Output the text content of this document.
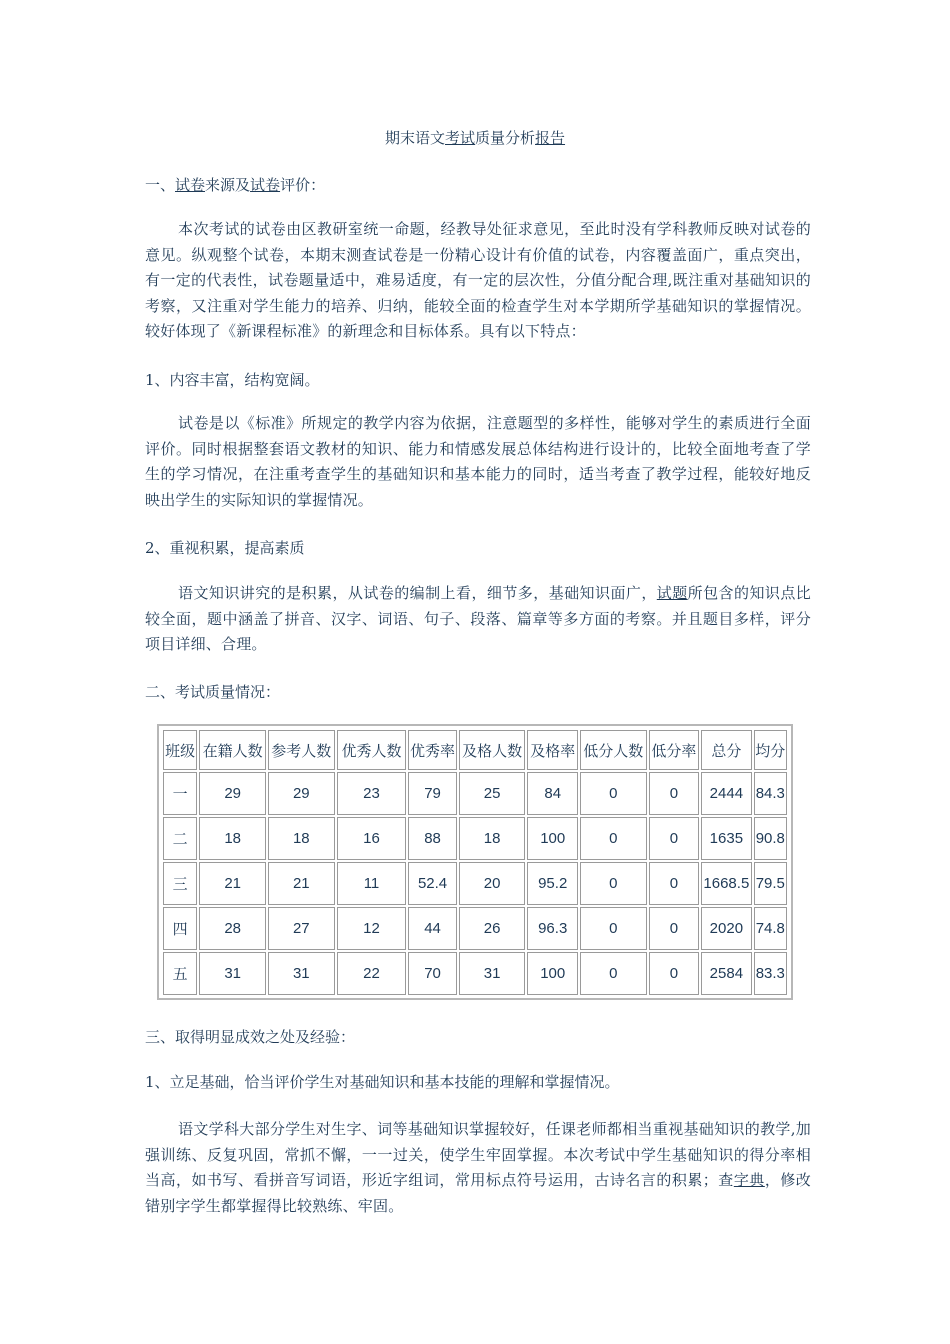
期末语文考试质量分析报告
一、试卷来源及试卷评价：

本次考试的试卷由区教研室统一命题，经教导处征求意见，至此时没有学科教师反映对试卷的意见。纵观整个试卷，本期末测查试卷是一份精心设计有价值的试卷，内容覆盖面广，重点突出，有一定的代表性，试卷题量适中，难易适度，有一定的层次性，分值分配合理,既注重对基础知识的考察，又注重对学生能力的培养、归纳，能较全面的检查学生对本学期所学基础知识的掌握情况。较好体现了《新课程标准》的新理念和目标体系。具有以下特点：

1、内容丰富，结构宽阔。

试卷是以《标准》所规定的教学内容为依据，注意题型的多样性，能够对学生的素质进行全面评价。同时根据整套语文教材的知识、能力和情感发展总体结构进行设计的，比较全面地考查了学生的学习情况，在注重考查学生的基础知识和基本能力的同时，适当考查了教学过程，能较好地反映出学生的实际知识的掌握情况。

2、重视积累，提高素质

语文知识讲究的是积累，从试卷的编制上看，细节多，基础知识面广，试题所包含的知识点比较全面，题中涵盖了拼音、汉字、词语、句子、段落、篇章等多方面的考察。并且题目多样，评分项目详细、合理。

二、考试质量情况：
班级	在籍人数	参考人数	优秀人数	优秀率	及格人数	及格率	低分人数	低分率	总分	均分
一	29	29	23	79	25	84	0	0	2444	84.3
二	18	18	16	88	18	100	0	0	1635	90.8
三	21	21	11	52.4	20	95.2	0	0	1668.5	79.5
四	28	27	12	44	26	96.3	0	0	2020	74.8
五	31	31	22	70	31	100	0	0	2584	83.3
三、取得明显成效之处及经验：
1、立足基础，恰当评价学生对基础知识和基本技能的理解和掌握情况。

语文学科大部分学生对生字、词等基础知识掌握较好，任课老师都相当重视基础知识的教学,加强训练、反复巩固，常抓不懈，一一过关，使学生牢固掌握。本次考试中学生基础知识的得分率相当高，如书写、看拼音写词语，形近字组词，常用标点符号运用，古诗名言的积累；查字典，修改错别字学生都掌握得比较熟练、牢固。
